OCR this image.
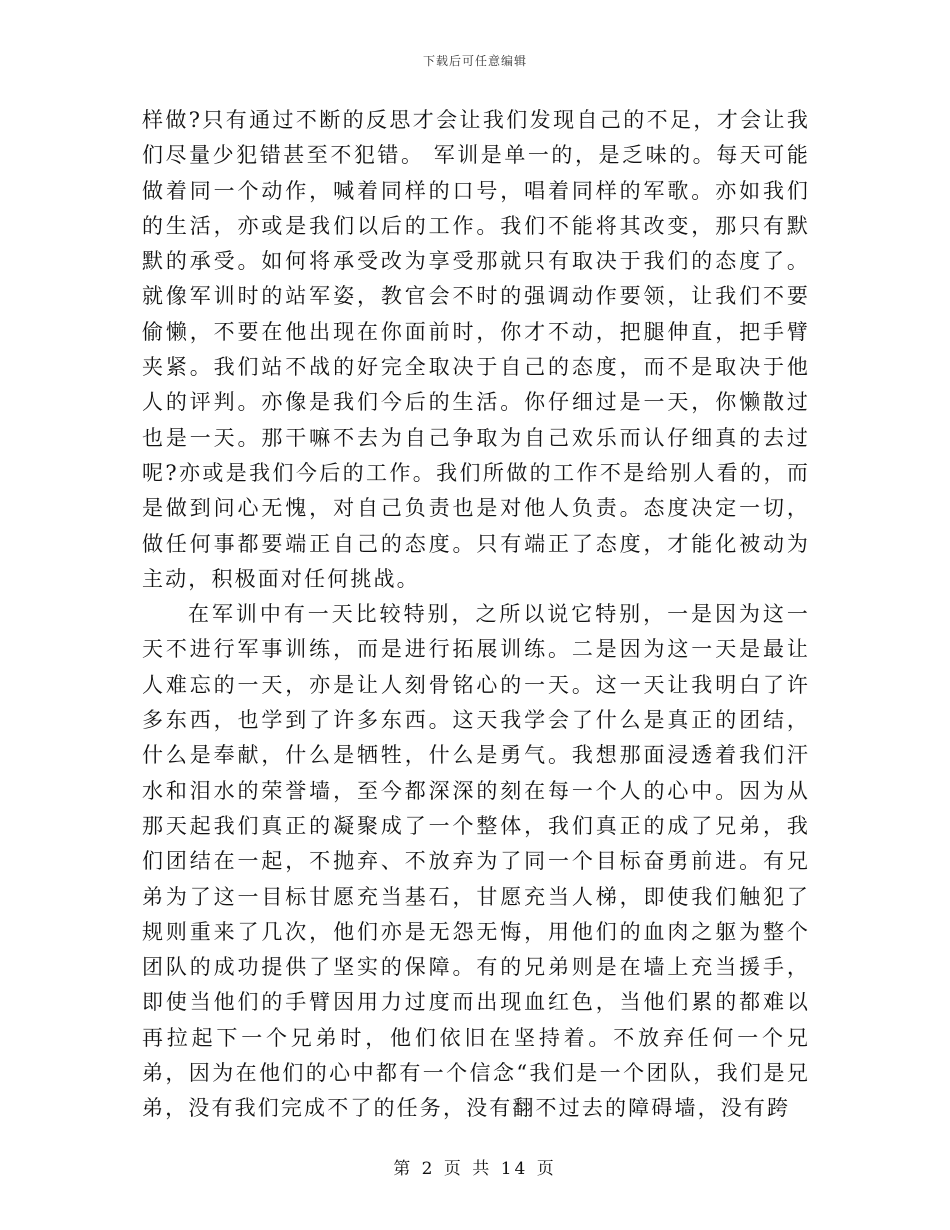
下载后可任意编辑

样做?只有通过不断的反思才会让我们发现自己的不足，才会让我们尽量少犯错甚至不犯错。 军训是单一的，是乏味的。每天可能做着同一个动作，喊着同样的口号，唱着同样的军歌。亦如我们的生活，亦或是我们以后的工作。我们不能将其改变，那只有默默的承受。如何将承受改为享受那就只有取决于我们的态度了。就像军训时的站军姿，教官会不时的强调动作要领，让我们不要偷懒，不要在他出现在你面前时，你才不动，把腿伸直，把手臂夹紧。我们站不战的好完全取决于自己的态度，而不是取决于他人的评判。亦像是我们今后的生活。你仔细过是一天，你懒散过也是一天。那干嘛不去为自己争取为自己欢乐而认仔细真的去过呢?亦或是我们今后的工作。我们所做的工作不是给别人看的，而是做到问心无愧，对自己负责也是对他人负责。态度决定一切，做任何事都要端正自己的态度。只有端正了态度，才能化被动为主动，积极面对任何挑战。

在军训中有一天比较特别，之所以说它特别，一是因为这一天不进行军事训练，而是进行拓展训练。二是因为这一天是最让人难忘的一天，亦是让人刻骨铭心的一天。这一天让我明白了许多东西，也学到了许多东西。这天我学会了什么是真正的团结，什么是奉献，什么是牺牲，什么是勇气。我想那面浸透着我们汗水和泪水的荣誉墙，至今都深深的刻在每一个人的心中。因为从那天起我们真正的凝聚成了一个整体，我们真正的成了兄弟，我们团结在一起，不抛弃、不放弃为了同一个目标奋勇前进。有兄弟为了这一目标甘愿充当基石，甘愿充当人梯，即使我们触犯了规则重来了几次，他们亦是无怨无悔，用他们的血肉之躯为整个团队的成功提供了坚实的保障。有的兄弟则是在墙上充当援手，即使当他们的手臂因用力过度而出现血红色，当他们累的都难以再拉起下一个兄弟时，他们依旧在坚持着。不放弃任何一个兄弟，因为在他们的心中都有一个信念“我们是一个团队，我们是兄弟，没有我们完成不了的任务，没有翻不过去的障碍墙，没有跨

第 2 页 共 14 页
